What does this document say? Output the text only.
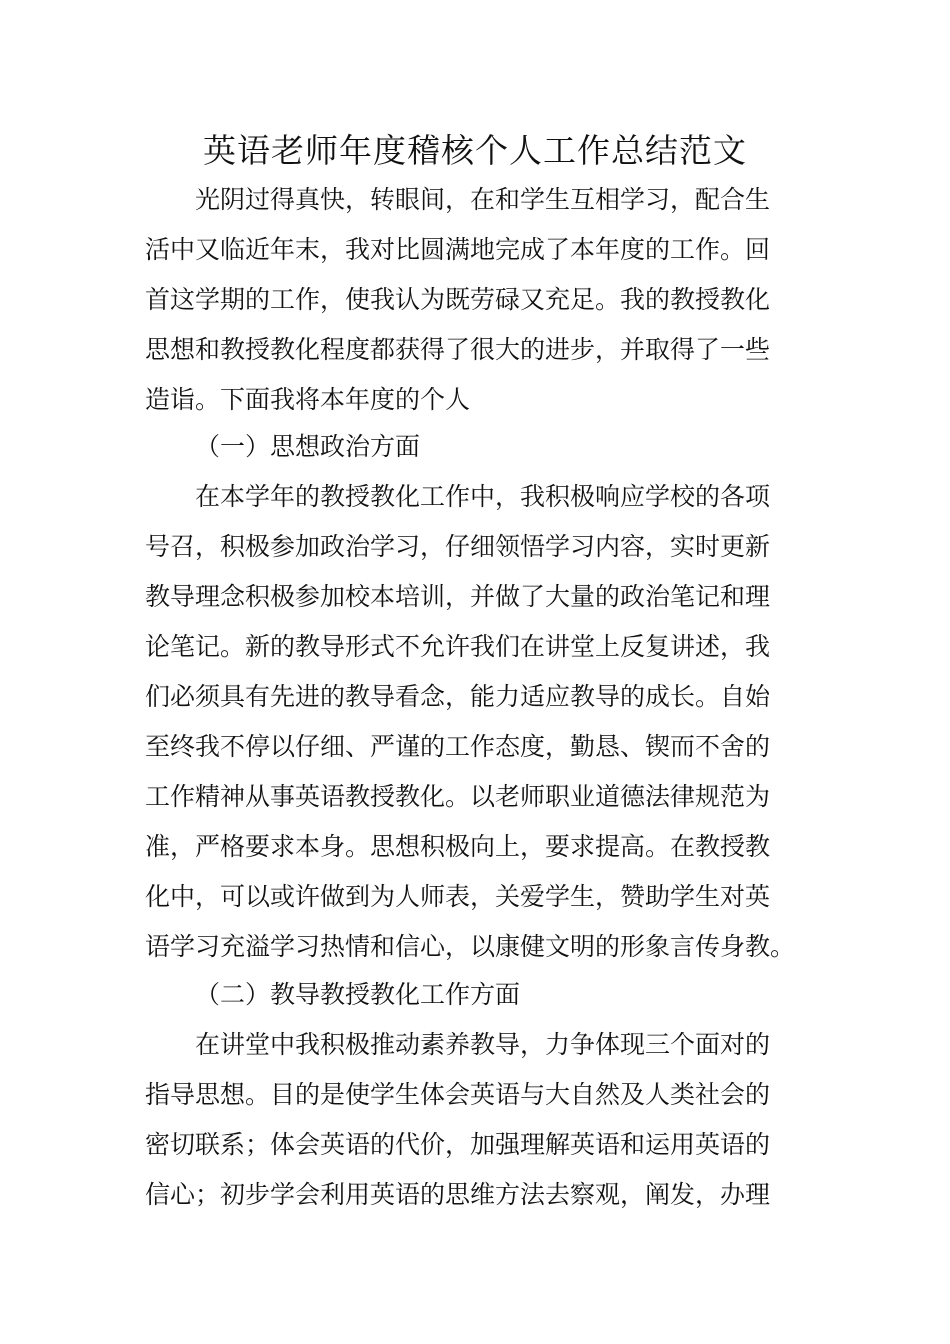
英语老师年度稽核个人工作总结范文
光阴过得真快，转眼间，在和学生互相学习，配合生
活中又临近年末，我对比圆满地完成了本年度的工作。回
首这学期的工作，使我认为既劳碌又充足。我的教授教化
思想和教授教化程度都获得了很大的进步，并取得了一些
造诣。下面我将本年度的个人
（一）思想政治方面
在本学年的教授教化工作中，我积极响应学校的各项
号召，积极参加政治学习，仔细领悟学习内容，实时更新
教导理念积极参加校本培训，并做了大量的政治笔记和理
论笔记。新的教导形式不允许我们在讲堂上反复讲述，我
们必须具有先进的教导看念，能力适应教导的成长。自始
至终我不停以仔细、严谨的工作态度，勤恳、锲而不舍的
工作精神从事英语教授教化。以老师职业道德法律规范为
准，严格要求本身。思想积极向上，要求提高。在教授教
化中，可以或许做到为人师表，关爱学生，赞助学生对英
语学习充溢学习热情和信心，以康健文明的形象言传身教。
（二）教导教授教化工作方面
在讲堂中我积极推动素养教导，力争体现三个面对的
指导思想。目的是使学生体会英语与大自然及人类社会的
密切联系；体会英语的代价，加强理解英语和运用英语的
信心；初步学会利用英语的思维方法去察观，阐发，办理
